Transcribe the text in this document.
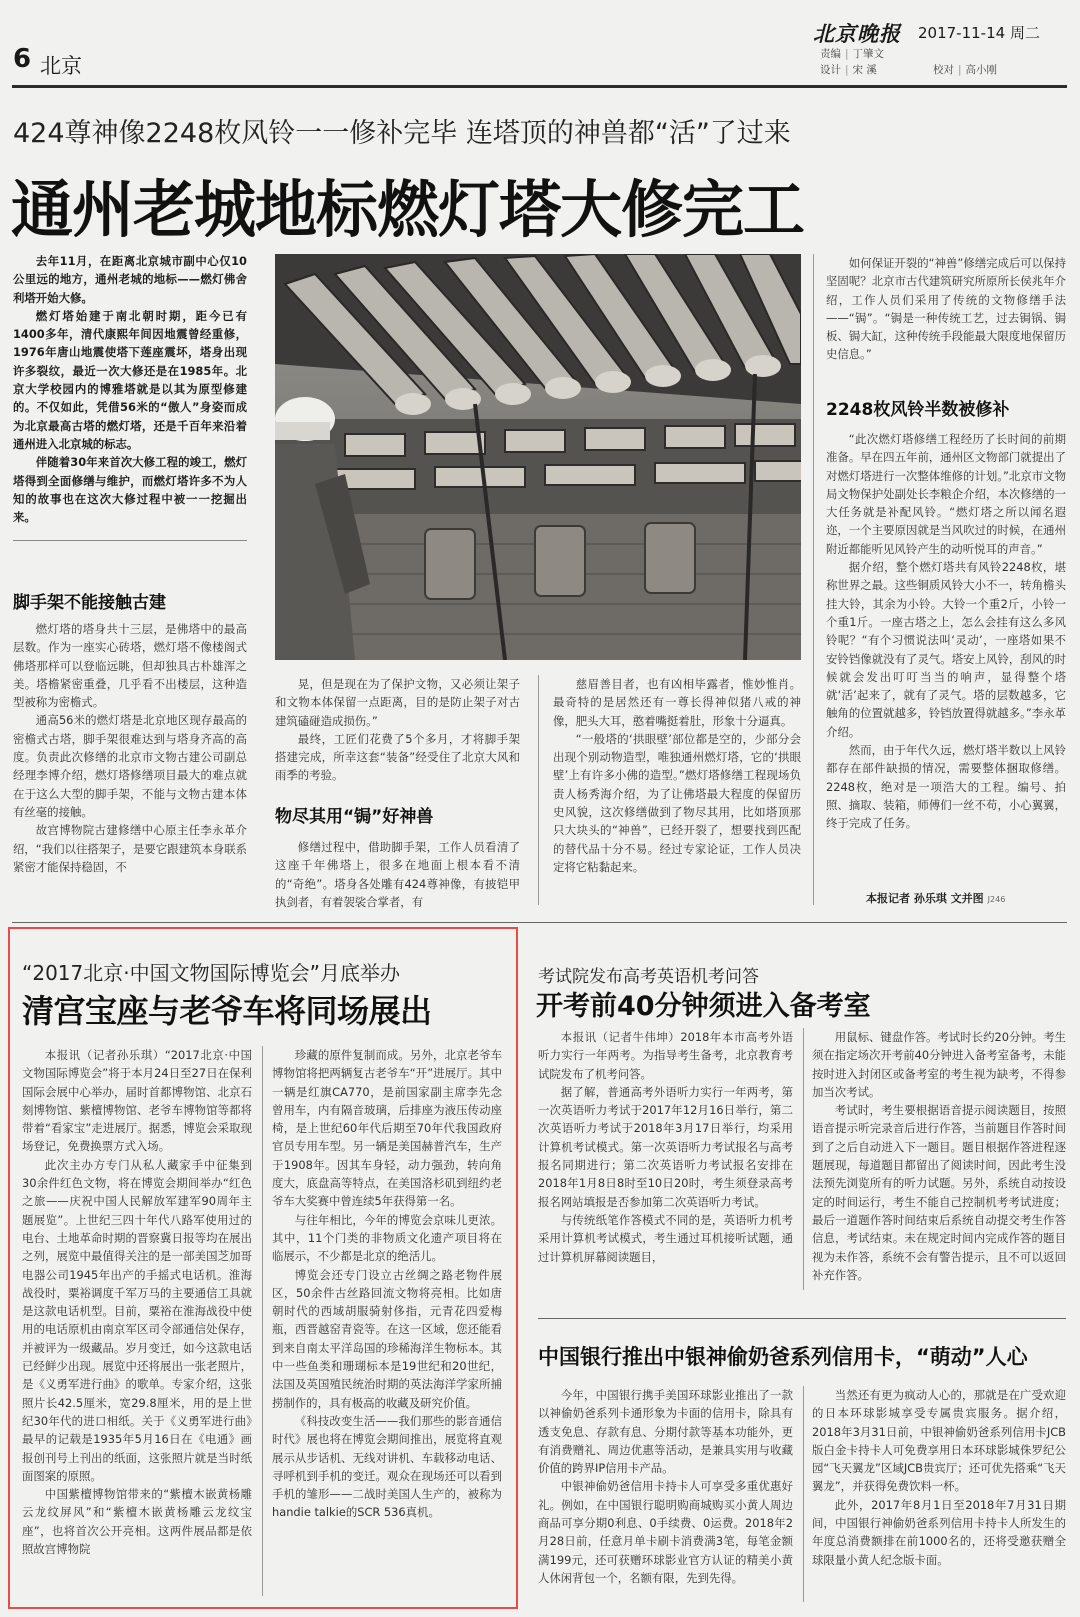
6 北京
北京晚报 2017-11-14 周二
责编 | 丁肇文
设计 | 宋 溪	校对 | 高小刚
424尊神像2248枚风铃一一修补完毕 连塔顶的神兽都“活”了过来
通州老城地标燃灯塔大修完工

去年11月，在距离北京城市副中心仅10公里远的地方，通州老城的地标——燃灯佛舍利塔开始大修。

燃灯塔始建于南北朝时期，距今已有1400多年，清代康熙年间因地震曾经重修，1976年唐山地震使塔下莲座震坏，塔身出现许多裂纹，最近一次大修还是在1985年。北京大学校园内的博雅塔就是以其为原型修建的。不仅如此，凭借56米的“傲人”身姿而成为北京最高古塔的燃灯塔，还是千百年来沿着通州进入北京城的标志。

伴随着30年来首次大修工程的竣工，燃灯塔得到全面修缮与维护，而燃灯塔许多不为人知的故事也在这次大修过程中被一一挖掘出来。

脚手架不能接触古建

燃灯塔的塔身共十三层，是佛塔中的最高层数。作为一座实心砖塔，燃灯塔不像楼阁式佛塔那样可以登临远眺，但却独具古朴雄浑之美。塔檐紧密重叠，几乎看不出楼层，这种造型被称为密檐式。

通高56米的燃灯塔是北京地区现存最高的密檐式古塔，脚手架很难达到与塔身齐高的高度。负责此次修缮的北京市文物古建公司副总经理李博介绍，燃灯塔修缮项目最大的难点就在于这么大型的脚手架，不能与文物古建本体有丝毫的接触。

故宫博物院古建修缮中心原主任李永革介绍，“我们以往搭架子，是要它跟建筑本身联系紧密才能保持稳固，不

晃，但是现在为了保护文物，又必须让架子和文物本体保留一点距离，目的是防止架子对古建筑磕碰造成损伤。”

最终，工匠们花费了5个多月，才将脚手架搭建完成，所幸这套“装备”经受住了北京大风和雨季的考验。

物尽其用“锔”好神兽

修缮过程中，借助脚手架，工作人员看清了这座千年佛塔上，很多在地面上根本看不清的“奇绝”。塔身各处雕有424尊神像，有披铠甲执剑者，有着袈裟合掌者，有

慈眉善目者，也有凶相毕露者，惟妙惟肖。最奇特的是居然还有一尊长得神似猪八戒的神像，肥头大耳，憨着嘴挺着肚，形象十分逼真。

“一般塔的‘拱眼壁’部位都是空的，少部分会出现个别动物造型，唯独通州燃灯塔，它的‘拱眼壁’上有许多小佛的造型。”燃灯塔修缮工程现场负责人杨秀海介绍，为了让佛塔最大程度的保留历史风貌，这次修缮做到了物尽其用，比如塔顶那只大块头的“神兽”，已经开裂了，想要找到匹配的替代品十分不易。经过专家论证，工作人员决定将它粘黏起来。

如何保证开裂的“神兽”修缮完成后可以保持坚固呢？北京市古代建筑研究所原所长侯兆年介绍，工作人员们采用了传统的文物修缮手法——“锔”。“锔是一种传统工艺，过去锔锅、锔板、锔大缸，这种传统手段能最大限度地保留历史信息。”

2248枚风铃半数被修补

“此次燃灯塔修缮工程经历了长时间的前期准备。早在四五年前，通州区文物部门就提出了对燃灯塔进行一次整体维修的计划。”北京市文物局文物保护处副处长李粮企介绍，本次修缮的一大任务就是补配风铃。“燃灯塔之所以闻名遐迩，一个主要原因就是当风吹过的时候，在通州附近都能听见风铃产生的动听悦耳的声音。”

据介绍，整个燃灯塔共有风铃2248枚，堪称世界之最。这些铜质风铃大小不一，转角檐头挂大铃，其余为小铃。大铃一个重2斤，小铃一个重1斤。一座古塔之上，怎么会挂有这么多风铃呢？“有个习惯说法叫‘灵动’，一座塔如果不安铃铛像就没有了灵气。塔安上风铃，刮风的时候就会发出叮叮当当的响声，显得整个塔就‘活’起来了，就有了灵气。塔的层数越多，它触角的位置就越多，铃铛放置得就越多。”李永革介绍。

然而，由于年代久远，燃灯塔半数以上风铃都存在部件缺损的情况，需要整体捆取修缮。2248枚，绝对是一项浩大的工程。编号、拍照、摘取、装箱，师傅们一丝不苟，小心翼翼，终于完成了任务。

本报记者 孙乐琪 文并图 J246
“2017北京·中国文物国际博览会”月底举办
清宫宝座与老爷车将同场展出

本报讯（记者孙乐琪）“2017北京·中国文物国际博览会”将于本月24日至27日在保利国际会展中心举办，届时首都博物馆、北京石刻博物馆、紫檀博物馆、老爷车博物馆等都将带着“看家宝”走进展厅。据悉，博览会采取现场登记，免费换票方式入场。

此次主办方专门从私人藏家手中征集到30余件红色文物，将在博览会期间举办“红色之旅——庆祝中国人民解放军建军90周年主题展览”。上世纪三四十年代八路军使用过的电台、土地革命时期的晋察冀日报等均在展出之列，展览中最值得关注的是一部美国芝加哥电器公司1945年出产的手摇式电话机。淮海战役时，粟裕调度千军万马的主要通信工具就是这款电话机型。目前，粟裕在淮海战役中使用的电话原机由南京军区司令部通信处保存，并被评为一级藏品。岁月变迁，如今这款电话已经鲜少出现。展览中还将展出一张老照片，是《义勇军进行曲》的歌单。专家介绍，这张照片长42.5厘米，宽29.8厘米，用的是上世纪30年代的进口相纸。关于《义勇军进行曲》最早的记载是1935年5月16日在《电通》画报创刊号上刊出的纸面，这张照片就是当时纸面图案的原照。

中国紫檀博物馆带来的“紫檀木嵌黄杨雕云龙纹屏风”和“紫檀木嵌黄杨雕云龙纹宝座”，也将首次公开亮相。这两件展品都是依照故宫博物院

珍藏的原件复制而成。另外，北京老爷车博物馆将把两辆复古老爷车“开”进展厅。其中一辆是红旗CA770，是前国家副主席李先念曾用车，内有隔音玻璃，后排座为液压传动座椅，是上世纪60年代后期至70年代我国政府官员专用车型。另一辆是美国赫普汽车，生产于1908年。因其车身轻，动力强劲，转向角度大，底盘高等特点，在美国洛杉矶到纽约老爷车大奖赛中曾连续5年获得第一名。

与往年相比，今年的博览会京味儿更浓。其中，11个门类的非物质文化遗产项目将在临展示，不少都是北京的绝活儿。

博览会还专门设立古丝绸之路老物件展区，50余件古丝路回流文物将亮相。比如唐朝时代的西域胡服骑射侈指，元青花四爱梅瓶，西晋越窑青瓷等。在这一区域，您还能看到来自南太平洋岛国的珍稀海洋生物标本。其中一些鱼类和珊瑚标本是19世纪和20世纪，法国及英国殖民统治时期的英法海洋学家所捕捞制作的，具有极高的收藏及研究价值。

《科技改变生活——我们那些的影音通信时代》展也将在博览会期间推出，展览将直观展示从步话机、无线对讲机、车载移动电话、寻呼机到手机的变迁。观众在现场还可以看到手机的雏形——二战时美国人生产的，被称为handie talkie的SCR 536真机。

考试院发布高考英语机考问答
开考前40分钟须进入备考室

本报讯（记者牛伟坤）2018年本市高考外语听力实行一年两考。为指导考生备考，北京教育考试院发布了机考问答。

据了解，普通高考外语听力实行一年两考，第一次英语听力考试于2017年12月16日举行，第二次英语听力考试于2018年3月17日举行，均采用计算机考试模式。第一次英语听力考试报名与高考报名同期进行；第二次英语听力考试报名安排在2018年1月8日8时至10日20时，考生须登录高考报名网站填报是否参加第二次英语听力考试。

与传统纸笔作答模式不同的是，英语听力机考采用计算机考试模式，考生通过耳机接听试题，通过计算机屏幕阅读题目，

用鼠标、键盘作答。考试时长约20分钟。考生须在指定场次开考前40分钟进入备考室备考，未能按时进入封闭区或备考室的考生视为缺考，不得参加当次考试。

考试时，考生要根据语音提示阅读题目，按照语音提示听完录音后进行作答，当前题目作答时间到了之后自动进入下一题目。题目根据作答进程逐题展现，每道题目都留出了阅读时间，因此考生没法预先浏览所有的听力试题。另外，系统自动按设定的时间运行，考生不能自己控制机考考试进度；最后一道题作答时间结束后系统自动提交考生作答信息，考试结束。未在规定时间内完成作答的题目视为未作答，系统不会有警告提示，且不可以返回补充作答。

中国银行推出中银神偷奶爸系列信用卡，“萌动”人心

今年，中国银行携手美国环球影业推出了一款以神偷奶爸系列卡通形象为卡面的信用卡，除具有透支免息、存款有息、分期付款等基本功能外，更有消费赠礼、周边优惠等活动，是兼具实用与收藏价值的跨界IP信用卡产品。

中银神偷奶爸信用卡持卡人可享受多重优惠好礼。例如，在中国银行聪明购商城购买小黄人周边商品可享分期0利息、0手续费、0运费。2018年2月28日前，任意月单卡刷卡消费满3笔，每笔金额满199元，还可获赠环球影业官方认证的精美小黄人休闲背包一个，名额有限，先到先得。

当然还有更为疯动人心的，那就是在广受欢迎的日本环球影城享受专属贵宾服务。据介绍，2018年3月31日前，中银神偷奶爸系列信用卡JCB版白金卡持卡人可免费享用日本环球影城侏罗纪公园“飞天翼龙”区域JCB贵宾厅；还可优先搭乘“飞天翼龙”，并获得免费饮料一杯。

此外，2017年8月1日至2018年7月31日期间，中国银行神偷奶爸系列信用卡持卡人所发生的年度总消费额排在前1000名的，还将受邀获赠全球限量小黄人纪念版卡面。
